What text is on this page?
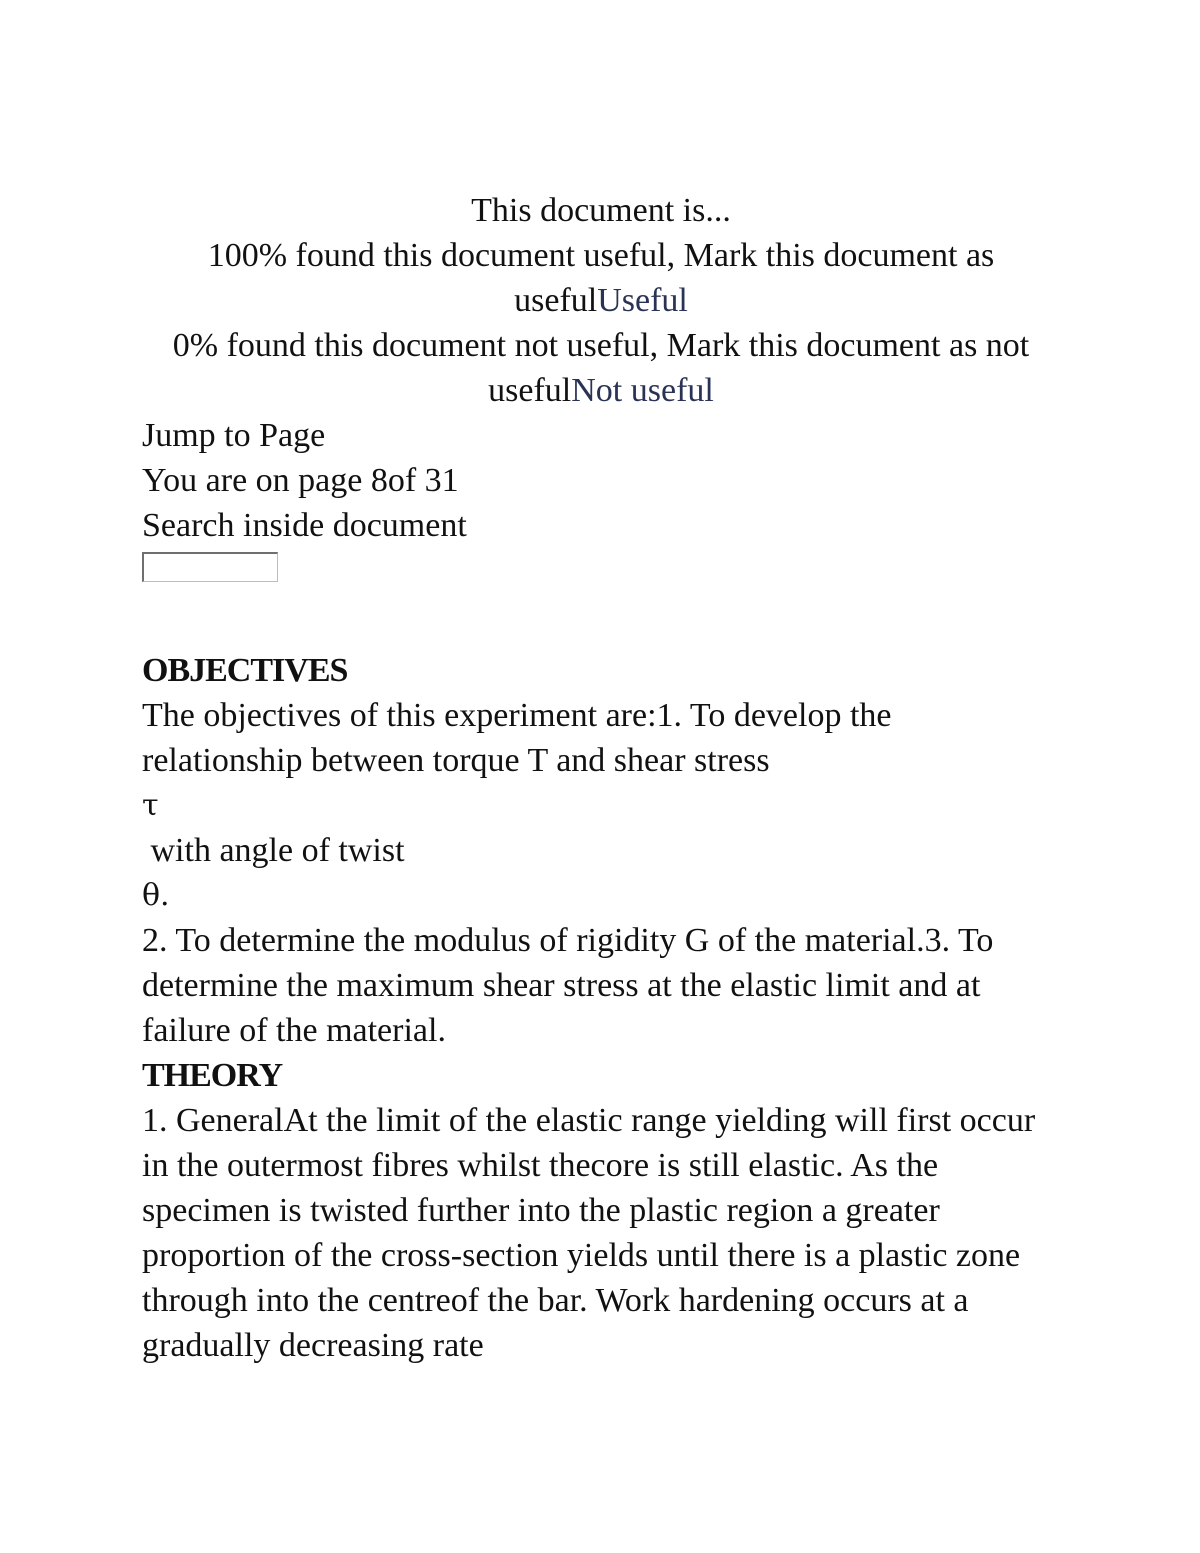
This document is...
100% found this document useful, Mark this document as usefulUseful
0% found this document not useful, Mark this document as not usefulNot useful
Jump to Page
You are on page 8of 31
Search inside document
OBJECTIVES
The objectives of this experiment are:1. To develop the relationship between torque T and shear stress
τ
with angle of twist
θ.
2. To determine the modulus of rigidity G of the material.3. To determine the maximum shear stress at the elastic limit and at failure of the material.
THEORY
1. GeneralAt the limit of the elastic range yielding will first occur in the outermost fibres whilst thecore is still elastic. As the specimen is twisted further into the plastic region a greater proportion of the cross-section yields until there is a plastic zone through into the centreof the bar. Work hardening occurs at a gradually decreasing rate
